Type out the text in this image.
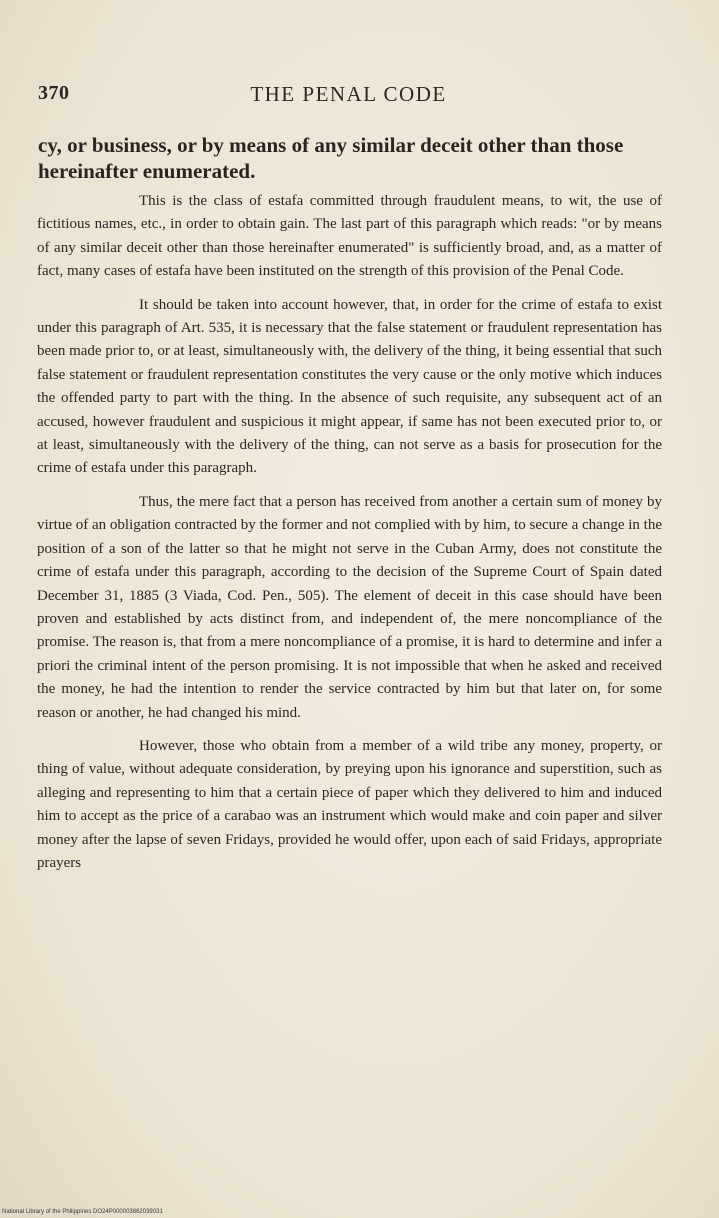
370	THE PENAL CODE

cy, or business, or by means of any similar deceit other than those hereinafter enumerated.

This is the class of estafa committed through fraudulent means, to wit, the use of fictitious names, etc., in order to obtain gain. The last part of this paragraph which reads: "or by means of any similar deceit other than those hereinafter enumerated" is sufficiently broad, and, as a matter of fact, many cases of estafa have been instituted on the strength of this provision of the Penal Code.

It should be taken into account however, that, in order for the crime of estafa to exist under this paragraph of Art. 535, it is necessary that the false statement or fraudulent representation has been made prior to, or at least, simultaneously with, the delivery of the thing, it being essential that such false statement or fraudulent representation constitutes the very cause or the only motive which induces the offended party to part with the thing. In the absence of such requisite, any subsequent act of an accused, however fraudulent and suspicious it might appear, if same has not been executed prior to, or at least, simultaneously with the delivery of the thing, can not serve as a basis for prosecution for the crime of estafa under this paragraph.

Thus, the mere fact that a person has received from another a certain sum of money by virtue of an obligation contracted by the former and not complied with by him, to secure a change in the position of a son of the latter so that he might not serve in the Cuban Army, does not constitute the crime of estafa under this paragraph, according to the decision of the Supreme Court of Spain dated December 31, 1885 (3 Viada, Cod. Pen., 505). The element of deceit in this case should have been proven and established by acts distinct from, and independent of, the mere noncompliance of the promise. The reason is, that from a mere noncompliance of a promise, it is hard to determine and infer a priori the criminal intent of the person promising. It is not impossible that when he asked and received the money, he had the intention to render the service contracted by him but that later on, for some reason or another, he had changed his mind.

However, those who obtain from a member of a wild tribe any money, property, or thing of value, without adequate consideration, by preying upon his ignorance and superstition, such as alleging and representing to him that a certain piece of paper which they delivered to him and induced him to accept as the price of a carabao was an instrument which would make and coin paper and silver money after the lapse of seven Fridays, provided he would offer, upon each of said Fridays, appropriate prayers

National Library of the Philippines DO24P000003862039031
